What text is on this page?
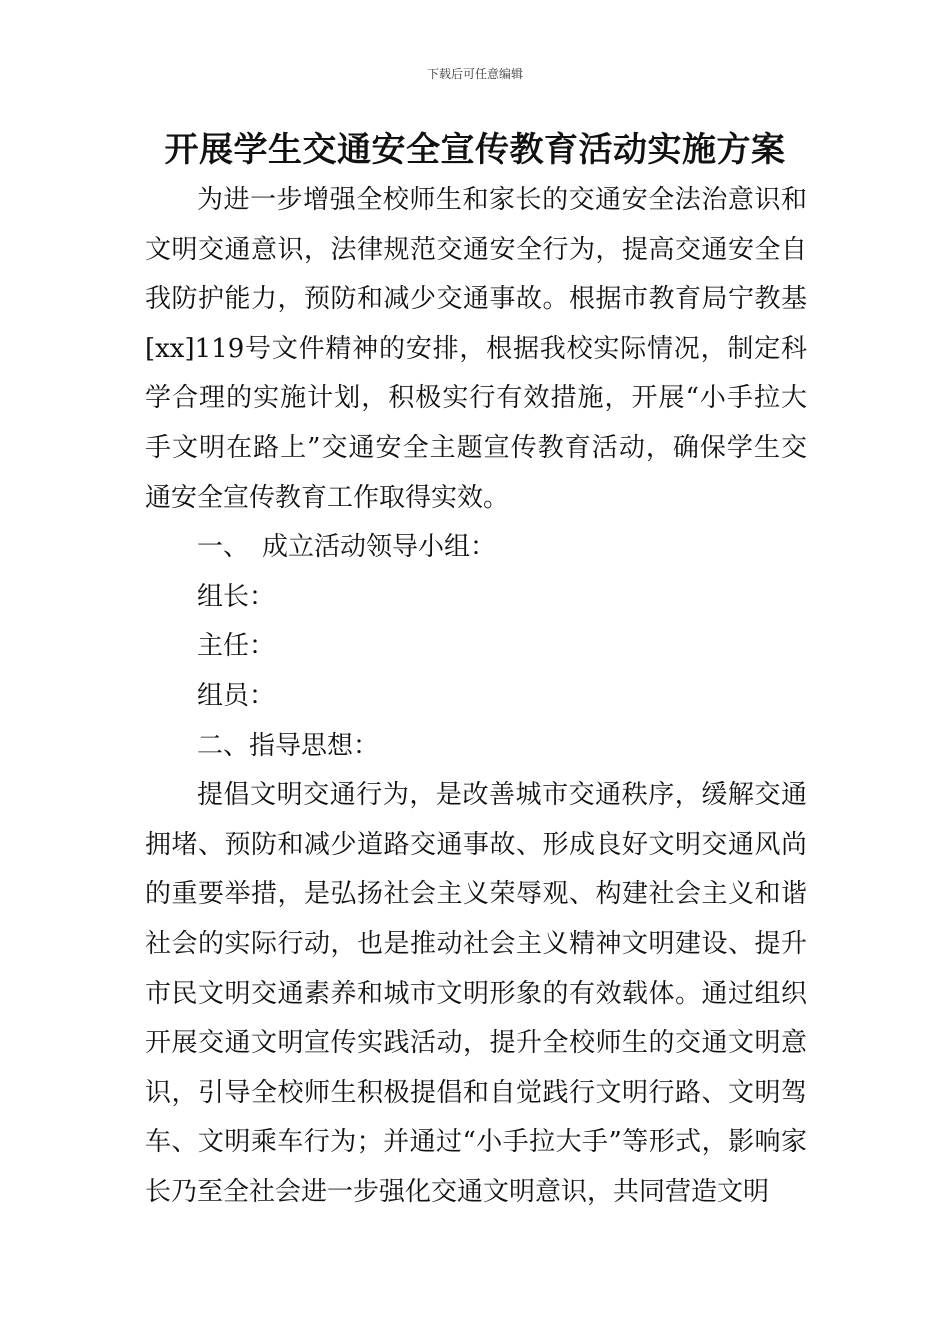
下载后可任意编辑
开展学生交通安全宣传教育活动实施方案

为进一步增强全校师生和家长的交通安全法治意识和文明交通意识，法律规范交通安全行为，提高交通安全自我防护能力，预防和减少交通事故。根据市教育局宁教基[xx]119号文件精神的安排，根据我校实际情况，制定科学合理的实施计划，积极实行有效措施，开展“小手拉大手文明在路上”交通安全主题宣传教育活动，确保学生交通安全宣传教育工作取得实效。

一、　成立活动领导小组：

组长：

主任：

组员：

二、指导思想：

提倡文明交通行为，是改善城市交通秩序，缓解交通拥堵、预防和减少道路交通事故、形成良好文明交通风尚的重要举措，是弘扬社会主义荣辱观、构建社会主义和谐社会的实际行动，也是推动社会主义精神文明建设、提升市民文明交通素养和城市文明形象的有效载体。通过组织开展交通文明宣传实践活动，提升全校师生的交通文明意识，引导全校师生积极提倡和自觉践行文明行路、文明驾车、文明乘车行为；并通过“小手拉大手”等形式，影响家长乃至全社会进一步强化交通文明意识，共同营造文明
